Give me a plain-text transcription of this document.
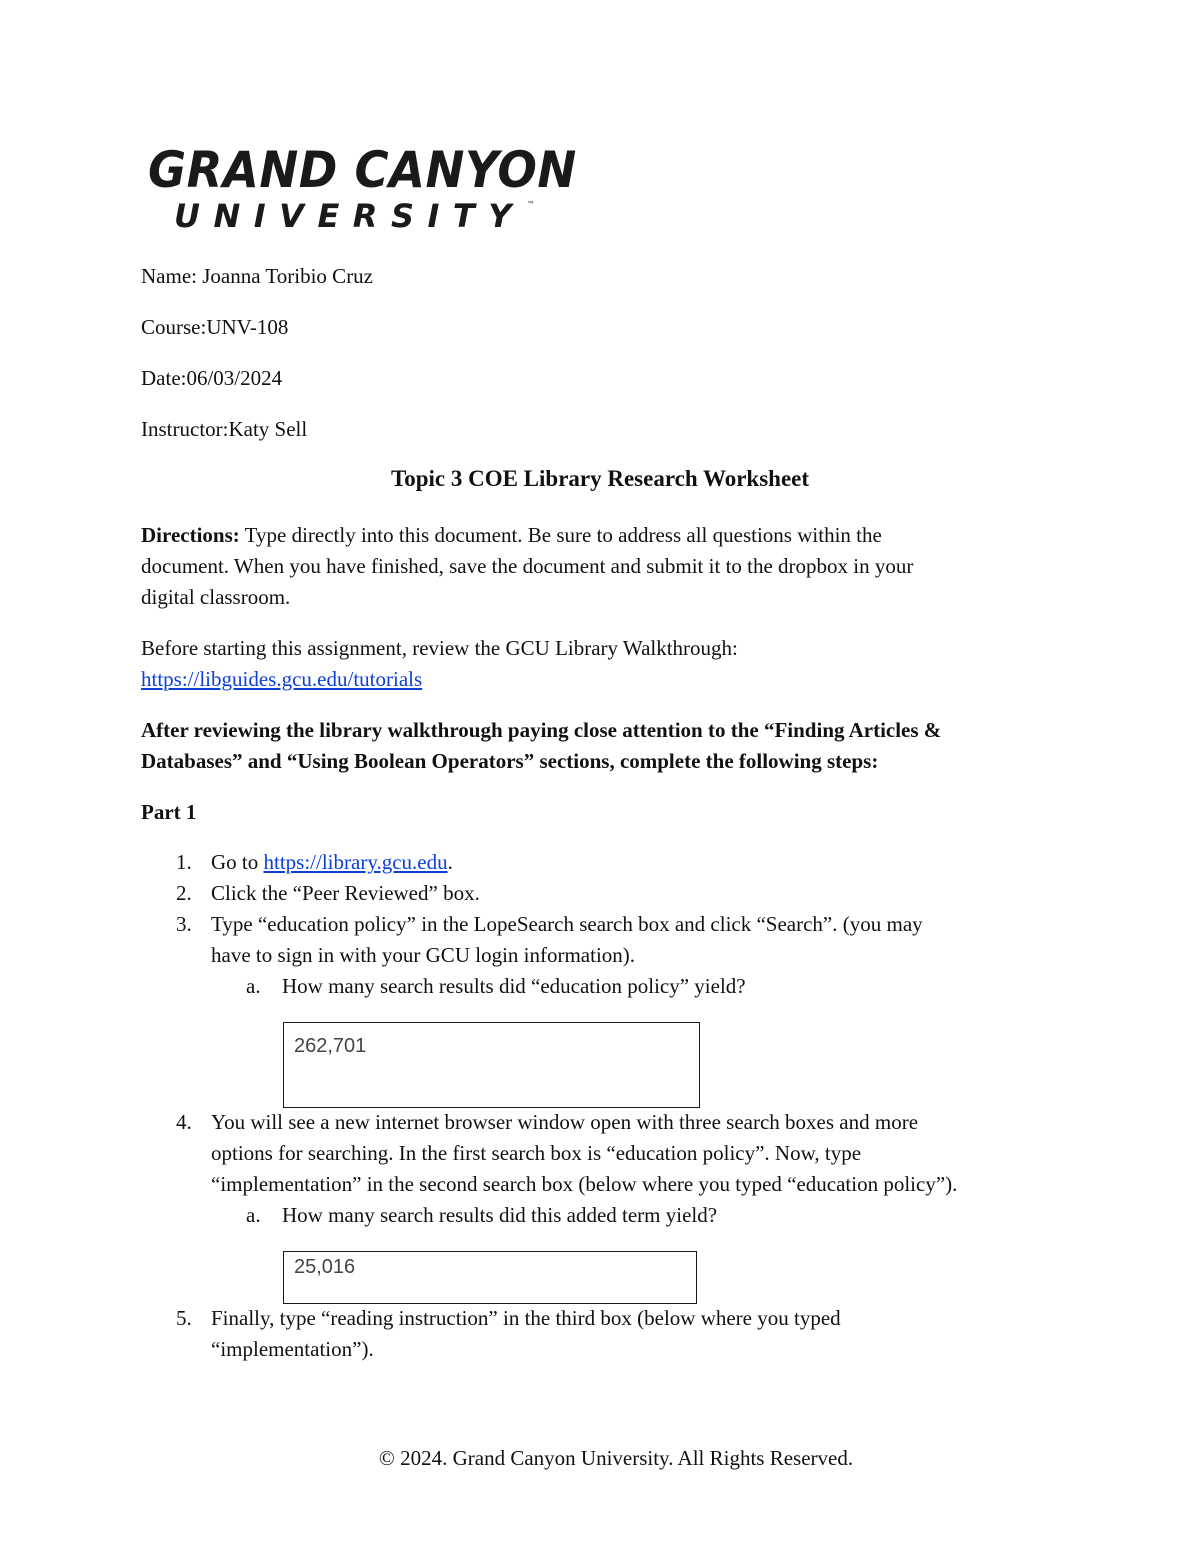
GRAND CANYON
UNIVERSITY ™
Name: Joanna Toribio Cruz
Course:UNV-108
Date:06/03/2024
Instructor:Katy Sell
Topic 3 COE Library Research Worksheet
Directions: Type directly into this document. Be sure to address all questions within the
document. When you have finished, save the document and submit it to the dropbox in your
digital classroom.
Before starting this assignment, review the GCU Library Walkthrough:
https://libguides.gcu.edu/tutorials
After reviewing the library walkthrough paying close attention to the “Finding Articles &
Databases” and “Using Boolean Operators” sections, complete the following steps:
Part 1
1. Go to https://library.gcu.edu.
2. Click the “Peer Reviewed” box.
3. Type “education policy” in the LopeSearch search box and click “Search”. (you may
have to sign in with your GCU login information).
a. How many search results did “education policy” yield?
262,701
4. You will see a new internet browser window open with three search boxes and more
options for searching. In the first search box is “education policy”. Now, type
“implementation” in the second search box (below where you typed “education policy”).
a. How many search results did this added term yield?
25,016
5. Finally, type “reading instruction” in the third box (below where you typed
“implementation”).
© 2024. Grand Canyon University. All Rights Reserved.
